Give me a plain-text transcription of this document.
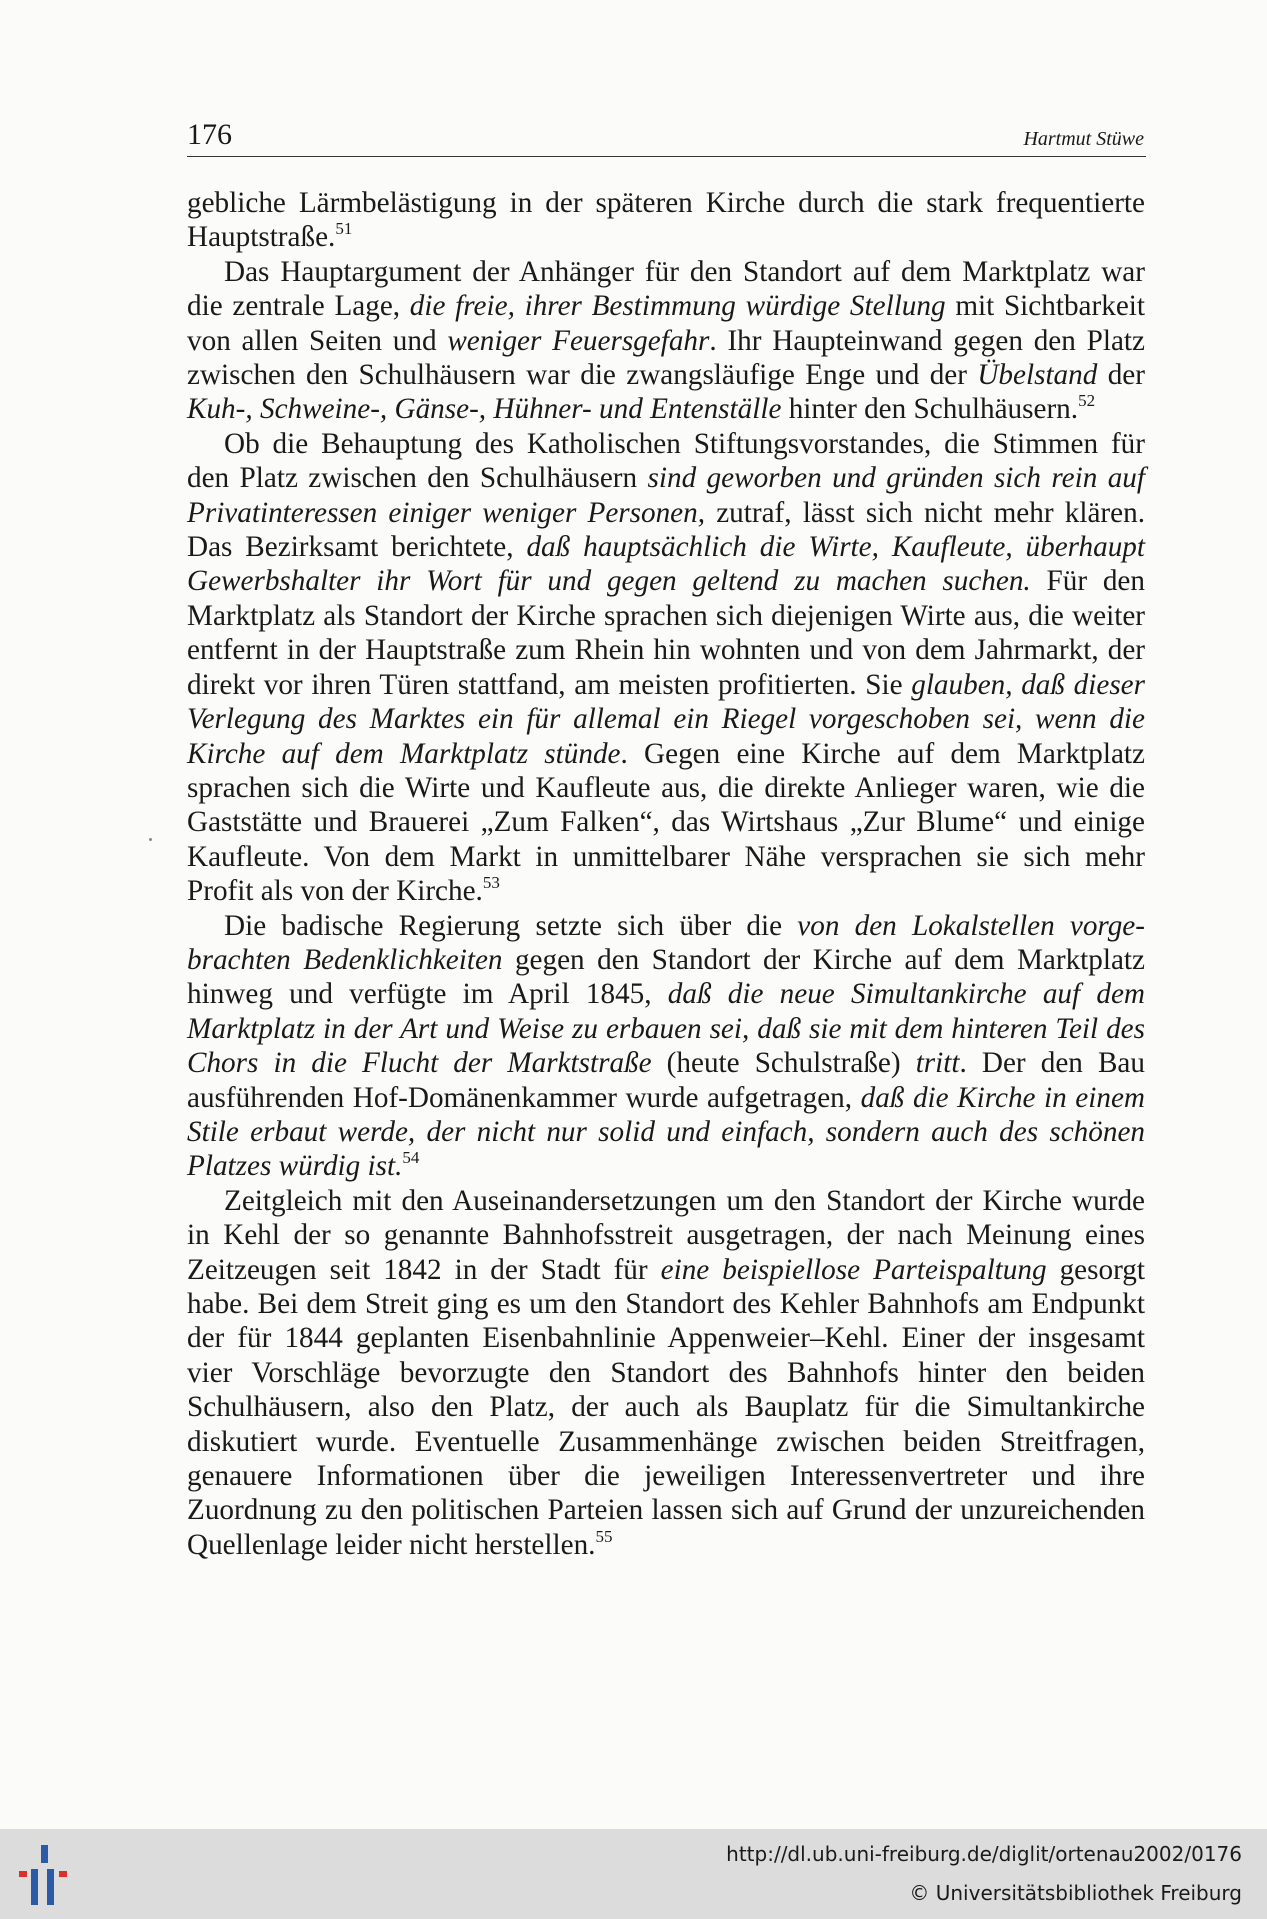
176	Hartmut Stüwe

gebliche Lärmbelästigung in der späteren Kirche durch die stark frequentierte Hauptstraße.$^{51}$

Das Hauptargument der Anhänger für den Standort auf dem Marktplatz war die zentrale Lage, die freie, ihrer Bestimmung würdige Stellung mit Sichtbarkeit von allen Seiten und weniger Feuersgefahr. Ihr Haupteinwand gegen den Platz zwischen den Schulhäusern war die zwangsläufige Enge und der Übelstand der Kuh-, Schweine-, Gänse-, Hühner- und Entenställe hinter den Schulhäusern.$^{52}$

Ob die Behauptung des Katholischen Stiftungsvorstandes, die Stimmen für den Platz zwischen den Schulhäusern sind geworben und gründen sich rein auf Privatinteressen einiger weniger Personen, zutraf, lässt sich nicht mehr klären. Das Bezirksamt berichtete, daß hauptsächlich die Wirte, Kaufleute, überhaupt Gewerbshalter ihr Wort für und gegen geltend zu machen suchen. Für den Marktplatz als Standort der Kirche sprachen sich diejenigen Wirte aus, die weiter entfernt in der Hauptstraße zum Rhein hin wohnten und von dem Jahrmarkt, der direkt vor ihren Türen stattfand, am meisten profitierten. Sie glauben, daß dieser Verlegung des Marktes ein für allemal ein Riegel vorgeschoben sei, wenn die Kirche auf dem Marktplatz stünde. Gegen eine Kirche auf dem Marktplatz sprachen sich die Wirte und Kaufleute aus, die direkte Anlieger waren, wie die Gaststätte und Brauerei „Zum Falken“, das Wirtshaus „Zur Blume“ und einige Kaufleute. Von dem Markt in unmittelbarer Nähe versprachen sie sich mehr Profit als von der Kirche.$^{53}$

Die badische Regierung setzte sich über die von den Lokalstellen vorgebrachten Bedenklichkeiten gegen den Standort der Kirche auf dem Marktplatz hinweg und verfügte im April 1845, daß die neue Simultankirche auf dem Marktplatz in der Art und Weise zu erbauen sei, daß sie mit dem hinteren Teil des Chors in die Flucht der Marktstraße (heute Schulstraße) tritt. Der den Bau ausführenden Hof-Domänenkammer wurde aufgetragen, daß die Kirche in einem Stile erbaut werde, der nicht nur solid und einfach, sondern auch des schönen Platzes würdig ist.$^{54}$

Zeitgleich mit den Auseinandersetzungen um den Standort der Kirche wurde in Kehl der so genannte Bahnhofsstreit ausgetragen, der nach Meinung eines Zeitzeugen seit 1842 in der Stadt für eine beispiellose Parteispaltung gesorgt habe. Bei dem Streit ging es um den Standort des Kehler Bahnhofs am Endpunkt der für 1844 geplanten Eisenbahnlinie Appenweier–Kehl. Einer der insgesamt vier Vorschläge bevorzugte den Standort des Bahnhofs hinter den beiden Schulhäusern, also den Platz, der auch als Bauplatz für die Simultankirche diskutiert wurde. Eventuelle Zusammenhänge zwischen beiden Streitfragen, genauere Informationen über die jeweiligen Interessenvertreter und ihre Zuordnung zu den politischen Parteien lassen sich auf Grund der unzureichenden Quellenlage leider nicht herstellen.$^{55}$

http://dl.ub.uni-freiburg.de/diglit/ortenau2002/0176
© Universitätsbibliothek Freiburg
